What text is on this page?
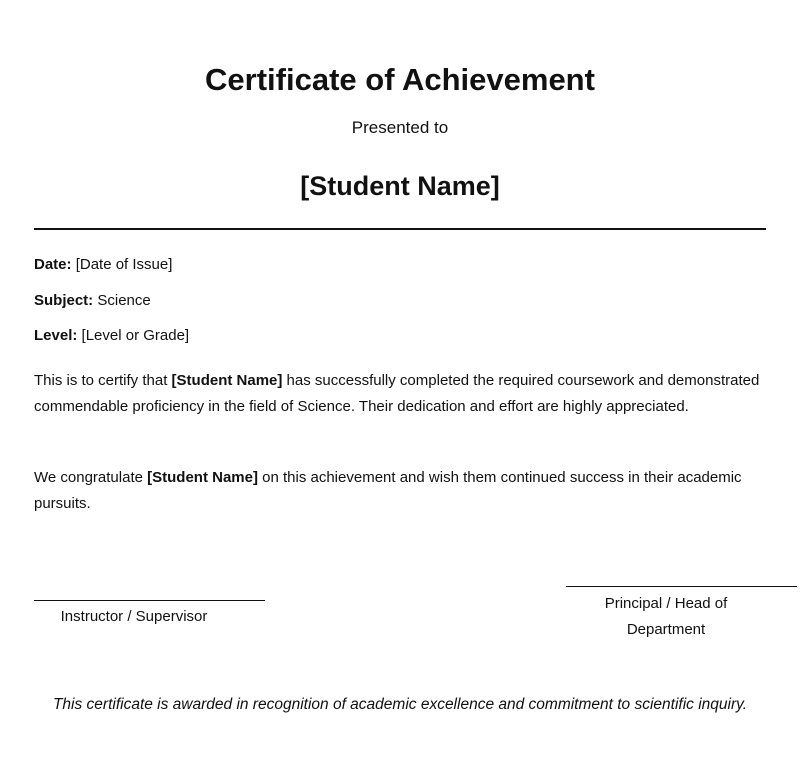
Certificate of Achievement
Presented to
[Student Name]
Date: [Date of Issue]
Subject: Science
Level: [Level or Grade]
This is to certify that [Student Name] has successfully completed the required coursework and demonstrated commendable proficiency in the field of Science. Their dedication and effort are highly appreciated.
We congratulate [Student Name] on this achievement and wish them continued success in their academic pursuits.
Instructor / Supervisor
Principal / Head of Department
This certificate is awarded in recognition of academic excellence and commitment to scientific inquiry.
